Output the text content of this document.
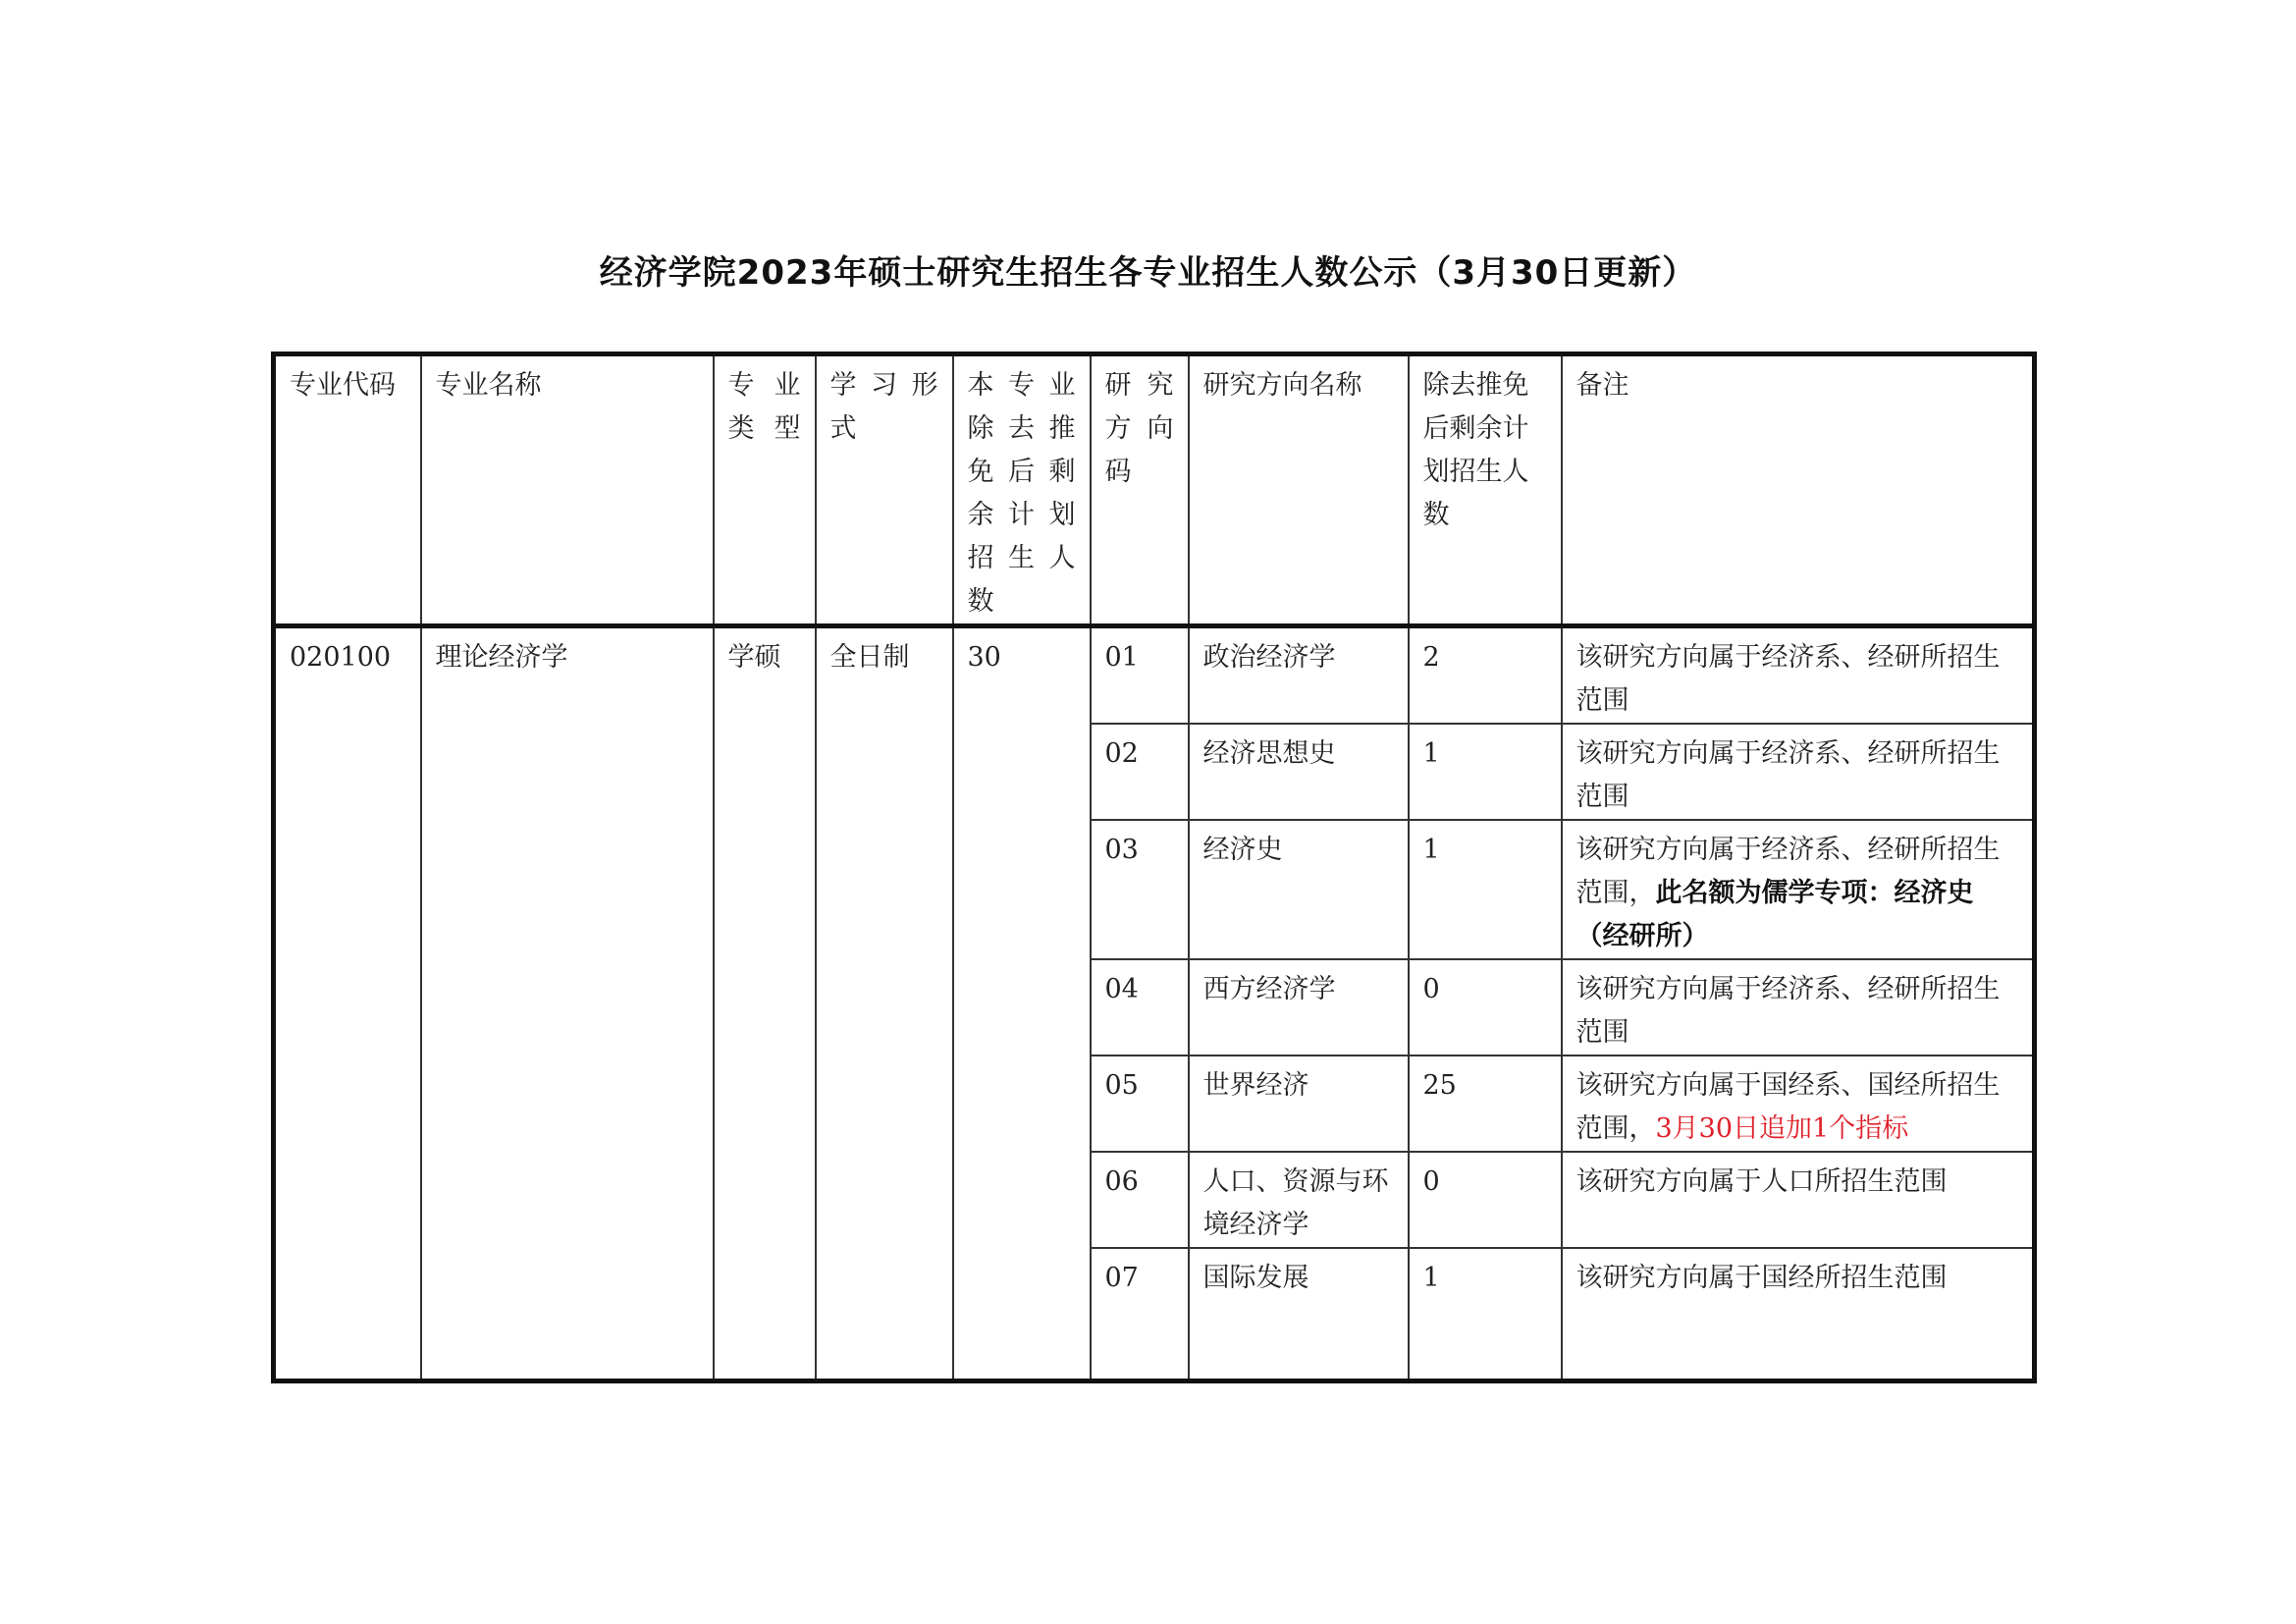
经济学院2023年硕士研究生招生各专业招生人数公示（3月30日更新）
专业代码	专业名称	专 业 类 型	学 习 形 式	本 专 业 除 去 推 免 后 剩 余 计 划 招 生 人 数	研 究 方 向 码	研究方向名称	除去推免后剩余计划招生人数	备注
020100	理论经济学	学硕	全日制	30	01	政治经济学	2	该研究方向属于经济系、经研所招生范围
					02	经济思想史	1	该研究方向属于经济系、经研所招生范围
					03	经济史	1	该研究方向属于经济系、经研所招生范围，此名额为儒学专项：经济史（经研所）
					04	西方经济学	0	该研究方向属于经济系、经研所招生范围
					05	世界经济	25	该研究方向属于国经系、国经所招生范围，3月30日追加1个指标
					06	人口、资源与环境经济学	0	该研究方向属于人口所招生范围
					07	国际发展	1	该研究方向属于国经所招生范围
